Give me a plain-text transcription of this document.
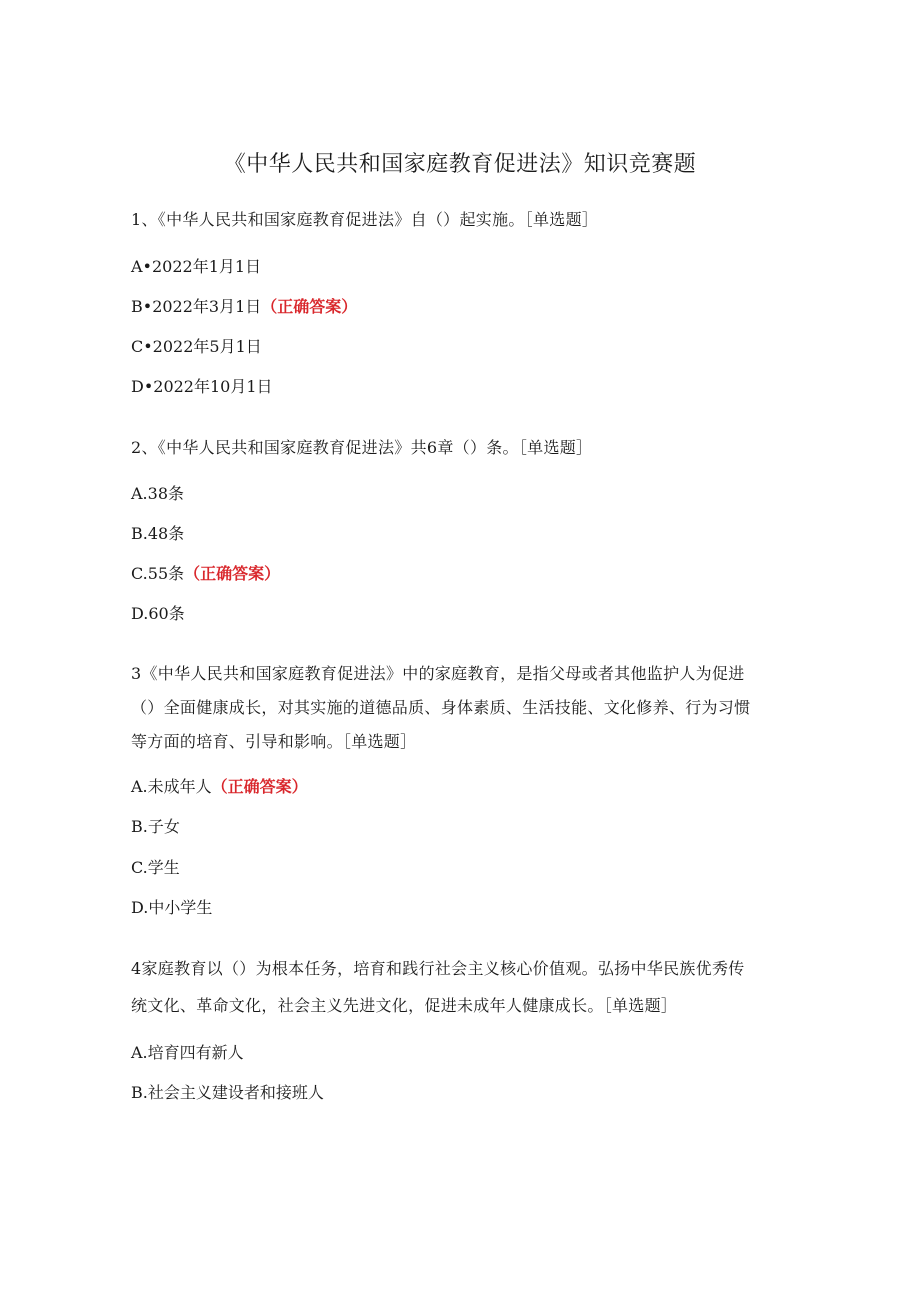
《中华人民共和国家庭教育促进法》知识竞赛题
1、《中华人民共和国家庭教育促进法》自（）起实施。［单选题］
A•2022年1月1日
B•2022年3月1日（正确答案）
C•2022年5月1日
D•2022年10月1日
2、《中华人民共和国家庭教育促进法》共6章（）条。［单选题］
A.38条
B.48条
C.55条（正确答案）
D.60条
3《中华人民共和国家庭教育促进法》中的家庭教育，是指父母或者其他监护人为促进
（）全面健康成长，对其实施的道德品质、身体素质、生活技能、文化修养、行为习惯
等方面的培育、引导和影响。［单选题］
A.未成年人（正确答案）
B.子女
C.学生
D.中小学生
4家庭教育以（）为根本任务，培育和践行社会主义核心价值观。弘扬中华民族优秀传
统文化、革命文化，社会主义先进文化，促进未成年人健康成长。［单选题］
A.培育四有新人
B.社会主义建设者和接班人
